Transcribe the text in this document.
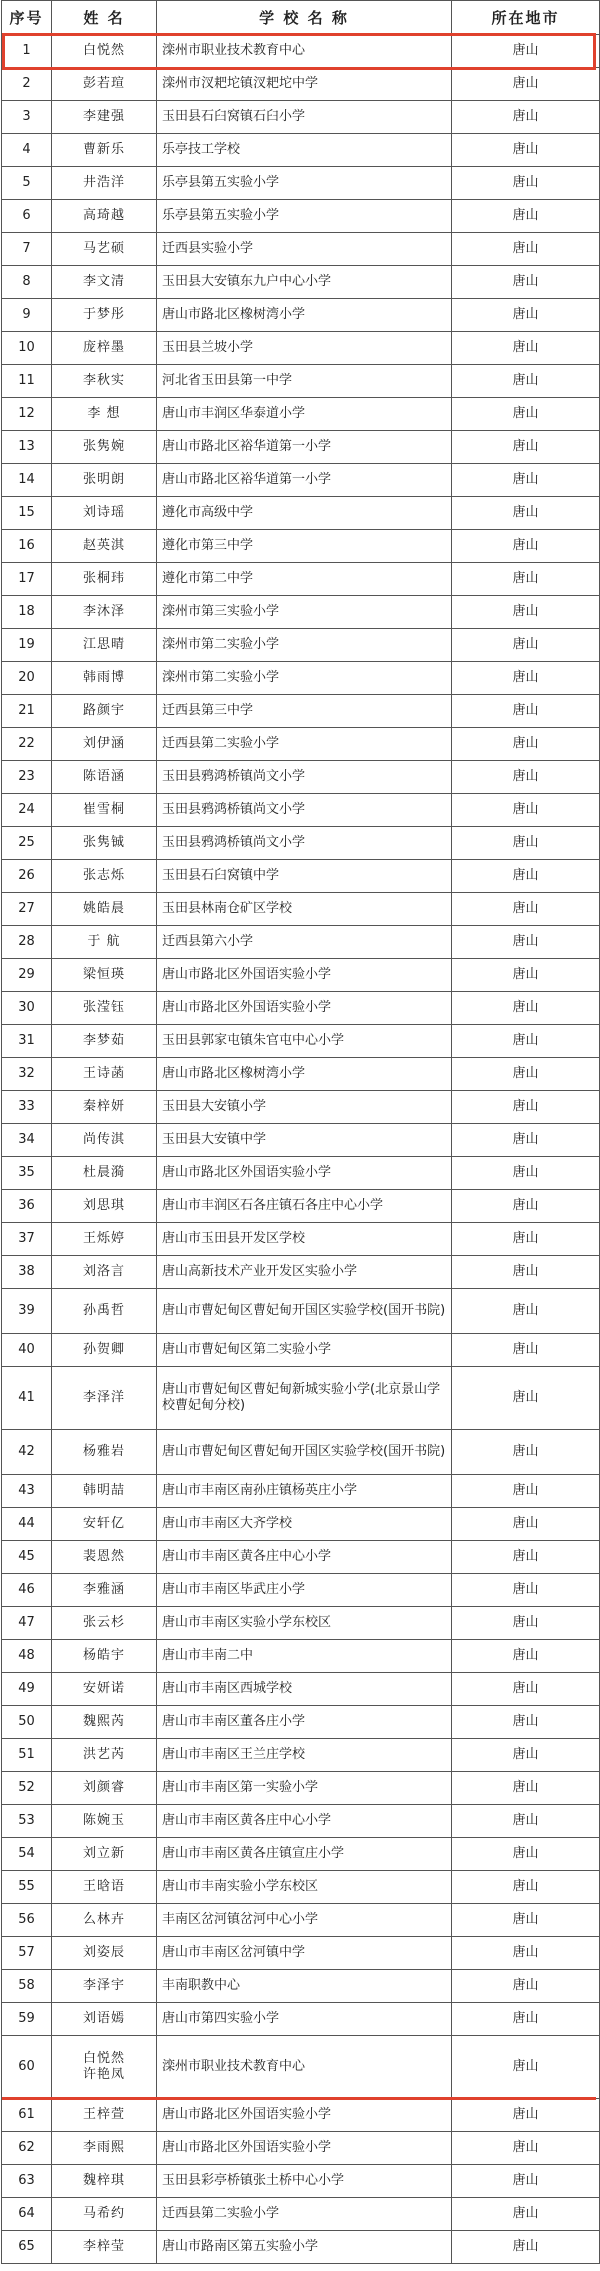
序号	姓 名	学 校 名 称	所在地市
1	白悦然	滦州市职业技术教育中心	唐山
2	彭若瑄	滦州市汊耙坨镇汊耙坨中学	唐山
3	李建强	玉田县石臼窝镇石臼小学	唐山
4	曹新乐	乐亭技工学校	唐山
5	井浩洋	乐亭县第五实验小学	唐山
6	高琦越	乐亭县第五实验小学	唐山
7	马艺硕	迁西县实验小学	唐山
8	李文清	玉田县大安镇东九户中心小学	唐山
9	于梦彤	唐山市路北区橡树湾小学	唐山
10	庞梓墨	玉田县兰坡小学	唐山
11	李秋实	河北省玉田县第一中学	唐山
12	李 想	唐山市丰润区华泰道小学	唐山
13	张隽婉	唐山市路北区裕华道第一小学	唐山
14	张明朗	唐山市路北区裕华道第一小学	唐山
15	刘诗瑶	遵化市高级中学	唐山
16	赵英淇	遵化市第三中学	唐山
17	张桐玮	遵化市第二中学	唐山
18	李沐泽	滦州市第三实验小学	唐山
19	江思晴	滦州市第二实验小学	唐山
20	韩雨博	滦州市第二实验小学	唐山
21	路颜宇	迁西县第三中学	唐山
22	刘伊涵	迁西县第二实验小学	唐山
23	陈语涵	玉田县鸦鸿桥镇尚文小学	唐山
24	崔雪桐	玉田县鸦鸿桥镇尚文小学	唐山
25	张隽铖	玉田县鸦鸿桥镇尚文小学	唐山
26	张志烁	玉田县石臼窝镇中学	唐山
27	姚皓晨	玉田县林南仓矿区学校	唐山
28	于 航	迁西县第六小学	唐山
29	梁恒瑛	唐山市路北区外国语实验小学	唐山
30	张滢钰	唐山市路北区外国语实验小学	唐山
31	李梦茹	玉田县郭家屯镇朱官屯中心小学	唐山
32	王诗菡	唐山市路北区橡树湾小学	唐山
33	秦梓妍	玉田县大安镇小学	唐山
34	尚传淇	玉田县大安镇中学	唐山
35	杜晨漪	唐山市路北区外国语实验小学	唐山
36	刘思琪	唐山市丰润区石各庄镇石各庄中心小学	唐山
37	王烁婷	唐山市玉田县开发区学校	唐山
38	刘洛言	唐山高新技术产业开发区实验小学	唐山
39	孙禹哲	唐山市曹妃甸区曹妃甸开国区实验学校(国开书院)	唐山
40	孙贺卿	唐山市曹妃甸区第二实验小学	唐山
41	李泽洋	唐山市曹妃甸区曹妃甸新城实验小学(北京景山学校曹妃甸分校)	唐山
42	杨雅岩	唐山市曹妃甸区曹妃甸开国区实验学校(国开书院)	唐山
43	韩明喆	唐山市丰南区南孙庄镇杨英庄小学	唐山
44	安轩亿	唐山市丰南区大齐学校	唐山
45	裴恩然	唐山市丰南区黄各庄中心小学	唐山
46	李雅涵	唐山市丰南区毕武庄小学	唐山
47	张云杉	唐山市丰南区实验小学东校区	唐山
48	杨皓宇	唐山市丰南二中	唐山
49	安妍诺	唐山市丰南区西城学校	唐山
50	魏熙芮	唐山市丰南区董各庄小学	唐山
51	洪艺芮	唐山市丰南区王兰庄学校	唐山
52	刘颜睿	唐山市丰南区第一实验小学	唐山
53	陈婉玉	唐山市丰南区黄各庄中心小学	唐山
54	刘立新	唐山市丰南区黄各庄镇宣庄小学	唐山
55	王晗语	唐山市丰南实验小学东校区	唐山
56	么林卉	丰南区岔河镇岔河中心小学	唐山
57	刘姿辰	唐山市丰南区岔河镇中学	唐山
58	李泽宇	丰南职教中心	唐山
59	刘语嫣	唐山市第四实验小学	唐山
60	白悦然
许艳凤	滦州市职业技术教育中心	唐山
61	王梓萱	唐山市路北区外国语实验小学	唐山
62	李雨熙	唐山市路北区外国语实验小学	唐山
63	魏梓琪	玉田县彩亭桥镇张土桥中心小学	唐山
64	马希约	迁西县第二实验小学	唐山
65	李梓莹	唐山市路南区第五实验小学	唐山
